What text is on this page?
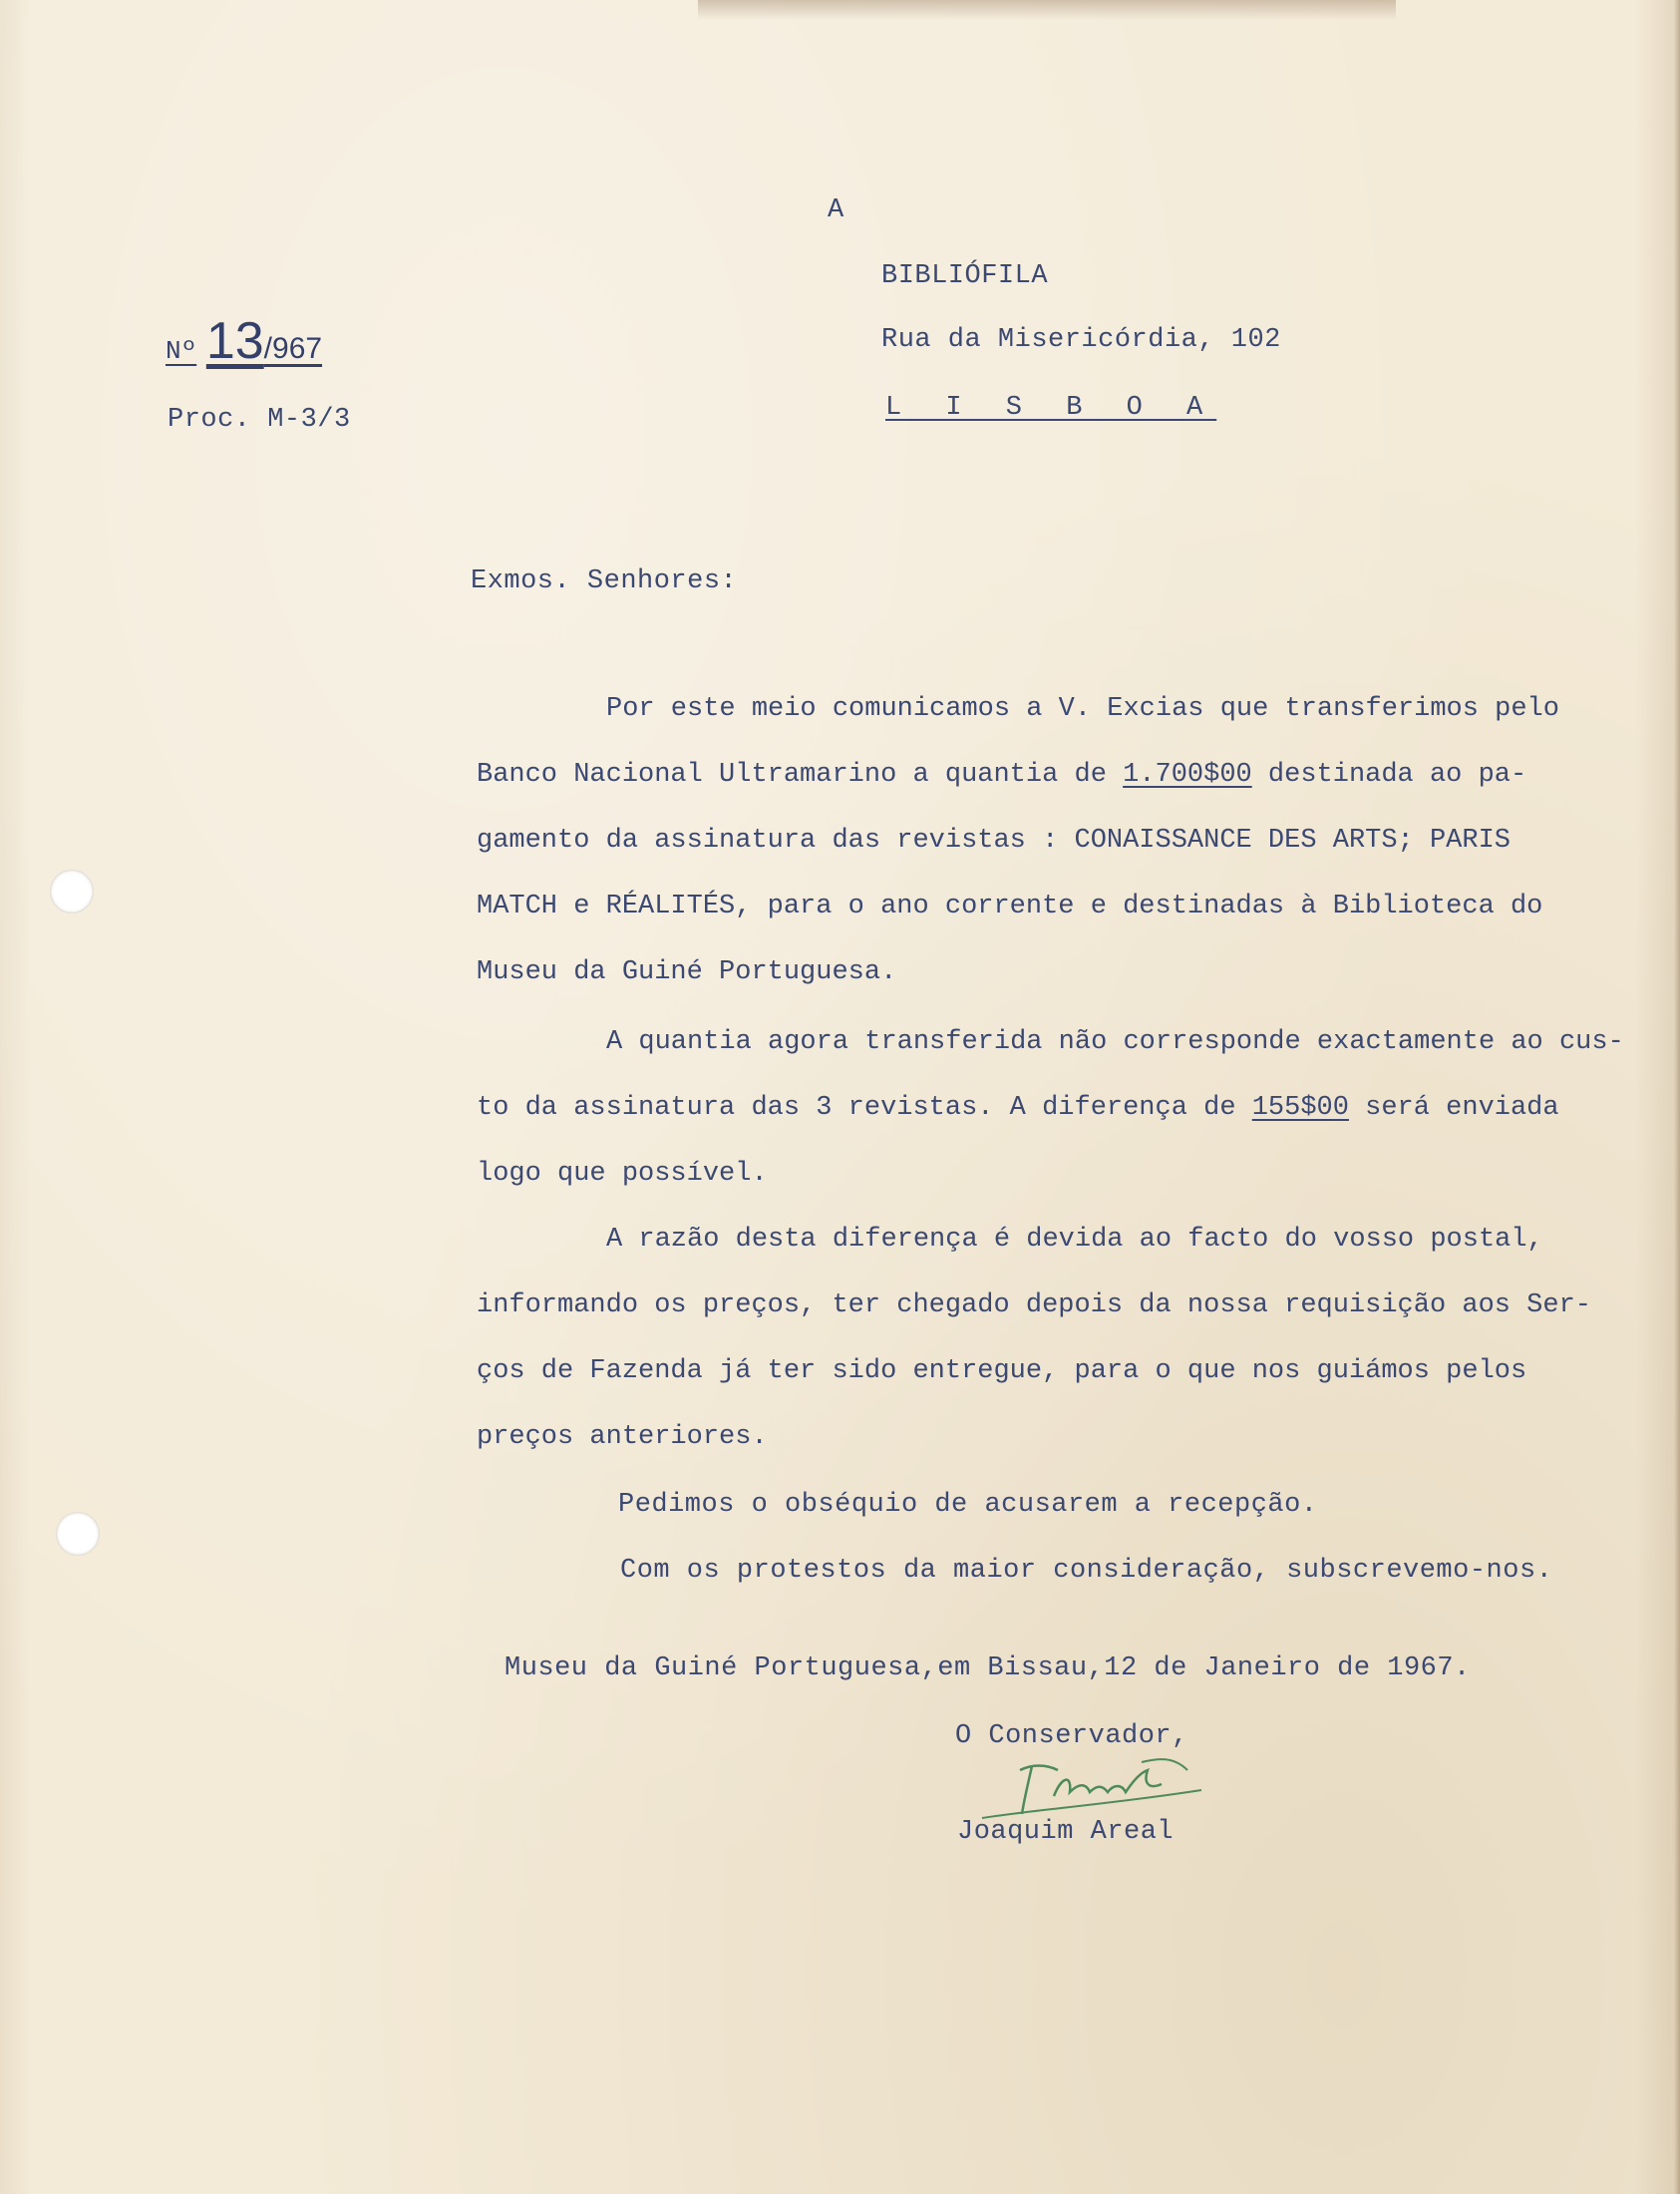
A
BIBLIÓFILA
Rua da Misericórdia, 102
L I S B O A
Nº 13/967
Proc. M-3/3
Exmos. Senhores:
Por este meio comunicamos a V. Excias que transferimos pelo
Banco Nacional Ultramarino a quantia de 1.700$00 destinada ao pa-
gamento da assinatura das revistas : CONAISSANCE DES ARTS; PARIS
MATCH e RÉALITÉS, para o ano corrente e destinadas à Biblioteca do
Museu da Guiné Portuguesa.
A quantia agora transferida não corresponde exactamente ao cus-
to da assinatura das 3 revistas. A diferença de 155$00 será enviada
logo que possível.
A razão desta diferença é devida ao facto do vosso postal,
informando os preços, ter chegado depois da nossa requisição aos Ser-
ços de Fazenda já ter sido entregue, para o que nos guiámos pelos
preços anteriores.
Pedimos o obséquio de acusarem a recepção.
Com os protestos da maior consideração, subscrevemo-nos.
Museu da Guiné Portuguesa,em Bissau,12 de Janeiro de 1967.
O Conservador,
Joaquim Areal
